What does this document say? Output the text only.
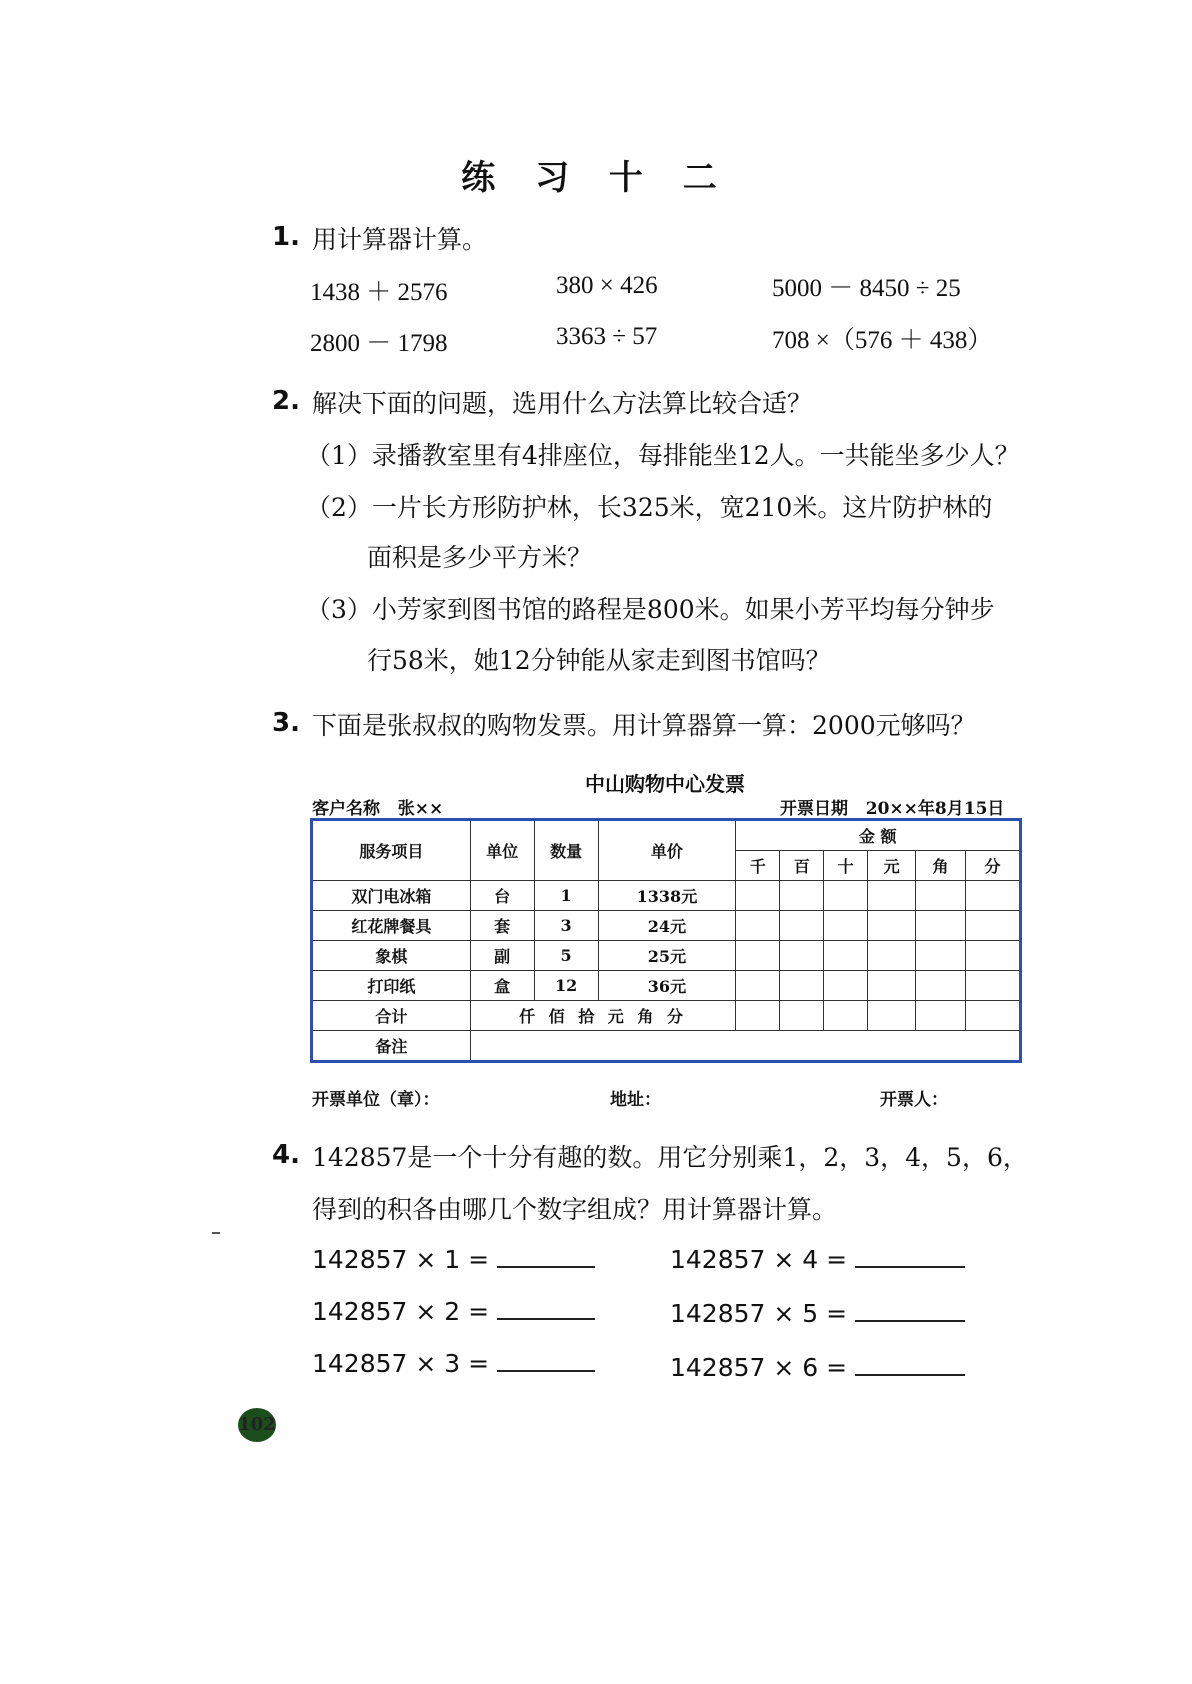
练 习 十 二
1. 用计算器计算。
1438 ＋ 2576	380 × 426	5000 － 8450 ÷ 25
2800 － 1798	3363 ÷ 57	708 ×（576 ＋ 438）
2. 解决下面的问题，选用什么方法算比较合适？
（1）录播教室里有4排座位，每排能坐12人。一共能坐多少人？
（2）一片长方形防护林，长325米，宽210米。这片防护林的
面积是多少平方米？
（3）小芳家到图书馆的路程是800米。如果小芳平均每分钟步
行58米，她12分钟能从家走到图书馆吗？
3. 下面是张叔叔的购物发票。用计算器算一算：2000元够吗？
中山购物中心发票
客户名称 张××	开票日期 20××年8月15日
服务项目	单位	数量	单价	金 额					
				千	百	十	元	角	分
双门电冰箱	台	1	1338元						
红花牌餐具	套	3	24元						
象棋	副	5	25元						
打印纸	盒	12	36元						
合计	仟 佰 拾 元 角 分								
备注									
开票单位（章）：	地址：	开票人：
4. 142857是一个十分有趣的数。用它分别乘1，2，3，4，5，6，
得到的积各由哪几个数字组成？用计算器计算。
142857 × 1 =	142857 × 4 =
142857 × 2 =	142857 × 5 =
142857 × 3 =	142857 × 6 =
102
